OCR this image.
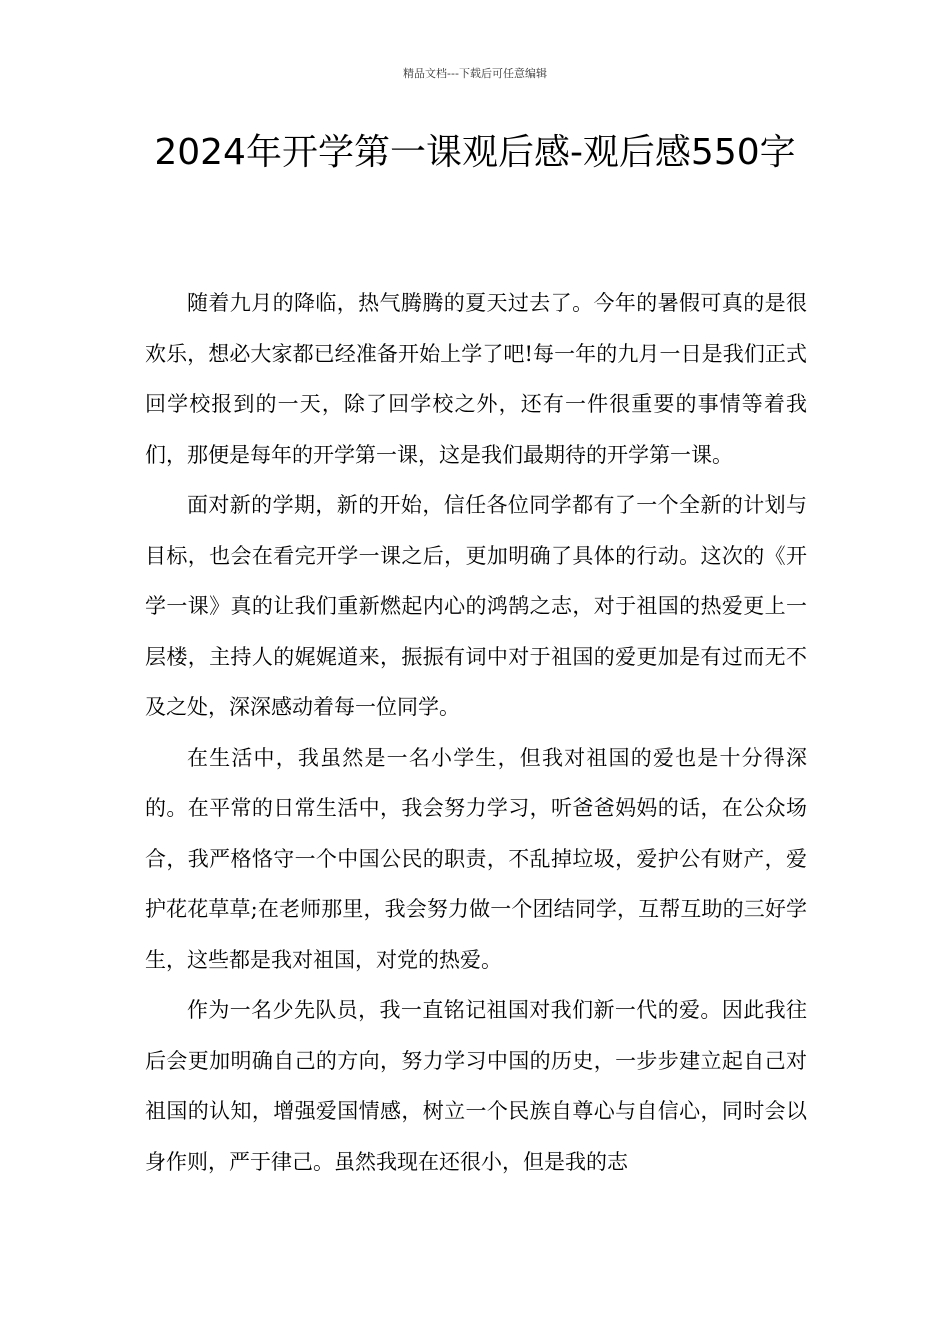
精品文档---下载后可任意编辑
2024年开学第一课观后感-观后感550字

随着九月的降临，热气腾腾的夏天过去了。今年的暑假可真的是很欢乐，想必大家都已经准备开始上学了吧!每一年的九月一日是我们正式回学校报到的一天，除了回学校之外，还有一件很重要的事情等着我们，那便是每年的开学第一课，这是我们最期待的开学第一课。

面对新的学期，新的开始，信任各位同学都有了一个全新的计划与目标，也会在看完开学一课之后，更加明确了具体的行动。这次的《开学一课》真的让我们重新燃起内心的鸿鹄之志，对于祖国的热爱更上一层楼，主持人的娓娓道来，振振有词中对于祖国的爱更加是有过而无不及之处，深深感动着每一位同学。

在生活中，我虽然是一名小学生，但我对祖国的爱也是十分得深的。在平常的日常生活中，我会努力学习，听爸爸妈妈的话，在公众场合，我严格恪守一个中国公民的职责，不乱掉垃圾，爱护公有财产，爱护花花草草;在老师那里，我会努力做一个团结同学，互帮互助的三好学生，这些都是我对祖国，对党的热爱。

作为一名少先队员，我一直铭记祖国对我们新一代的爱。因此我往后会更加明确自己的方向，努力学习中国的历史，一步步建立起自己对祖国的认知，增强爱国情感，树立一个民族自尊心与自信心，同时会以身作则，严于律己。虽然我现在还很小，但是我的志
